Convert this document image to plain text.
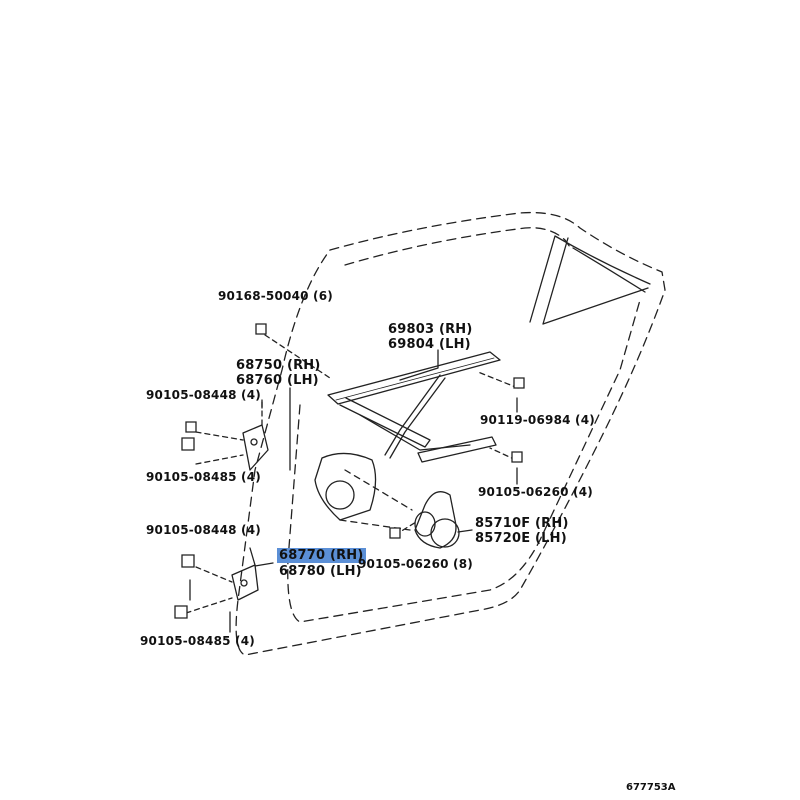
90168-50040 (6)
69803 (RH)
69804 (LH)
68750 (RH)
68760 (LH)
90105-08448 (4)
90119-06984 (4)
90105-08485 (4)
90105-06260 (4)
85710F (RH)
85720E (LH)
90105-08448 (4)
68770 (RH)
68780 (LH)
90105-06260 (8)
90105-08485 (4)
677753A
